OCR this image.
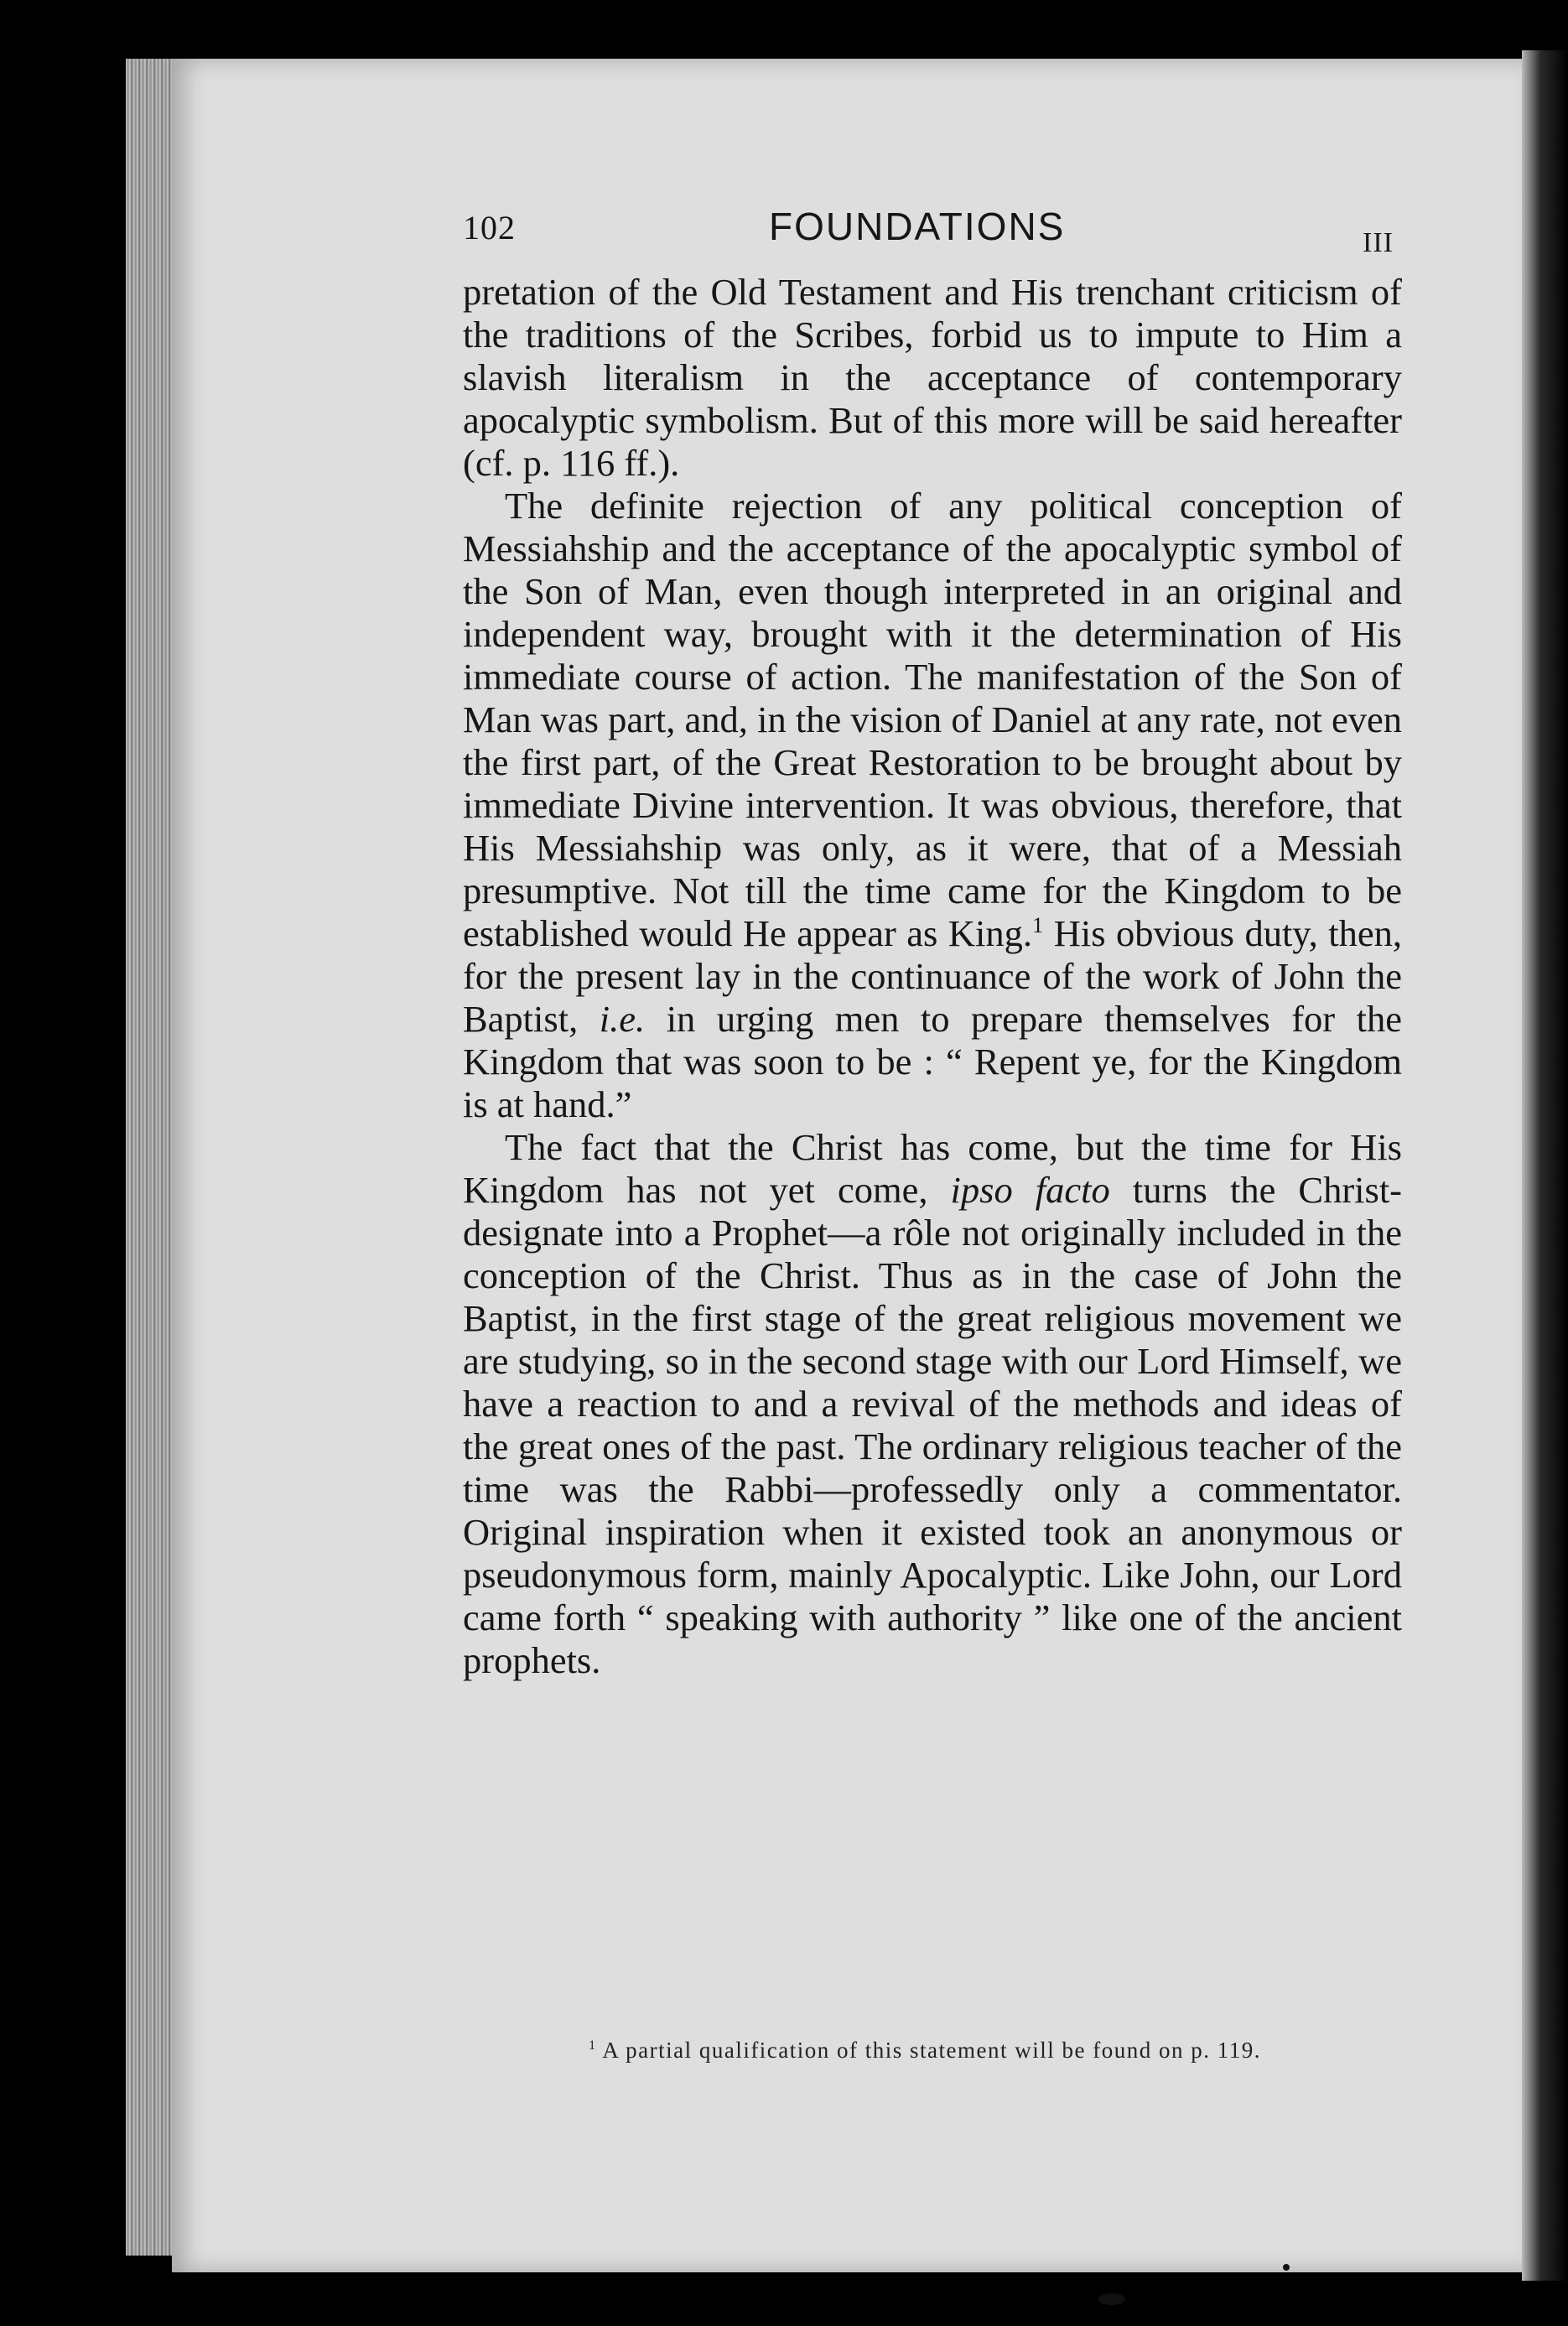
102	FOUNDATIONS	III

pretation of the Old Testament and His trenchant criticism of the traditions of the Scribes, forbid us to impute to Him a slavish literalism in the acceptance of contemporary apocalyptic symbolism. But of this more will be said hereafter (cf. p. 116 ff.).

The definite rejection of any political conception of Messiahship and the acceptance of the apocalyptic symbol of the Son of Man, even though interpreted in an original and independent way, brought with it the determination of His immediate course of action. The manifestation of the Son of Man was part, and, in the vision of Daniel at any rate, not even the first part, of the Great Restoration to be brought about by immediate Divine intervention. It was obvious, therefore, that His Messiahship was only, as it were, that of a Messiah presumptive. Not till the time came for the Kingdom to be established would He appear as King.$^1$ His obvious duty, then, for the present lay in the continuance of the work of John the Baptist, i.e. in urging men to prepare themselves for the Kingdom that was soon to be : “ Repent ye, for the Kingdom is at hand.”

The fact that the Christ has come, but the time for His Kingdom has not yet come, ipso facto turns the Christ-designate into a Prophet—a rôle not originally included in the conception of the Christ. Thus as in the case of John the Baptist, in the first stage of the great religious movement we are studying, so in the second stage with our Lord Himself, we have a reaction to and a revival of the methods and ideas of the great ones of the past. The ordinary religious teacher of the time was the Rabbi—professedly only a commentator. Original inspiration when it existed took an anonymous or pseudonymous form, mainly Apocalyptic. Like John, our Lord came forth “ speaking with authority ” like one of the ancient prophets.

$^1$ A partial qualification of this statement will be found on p. 119.
